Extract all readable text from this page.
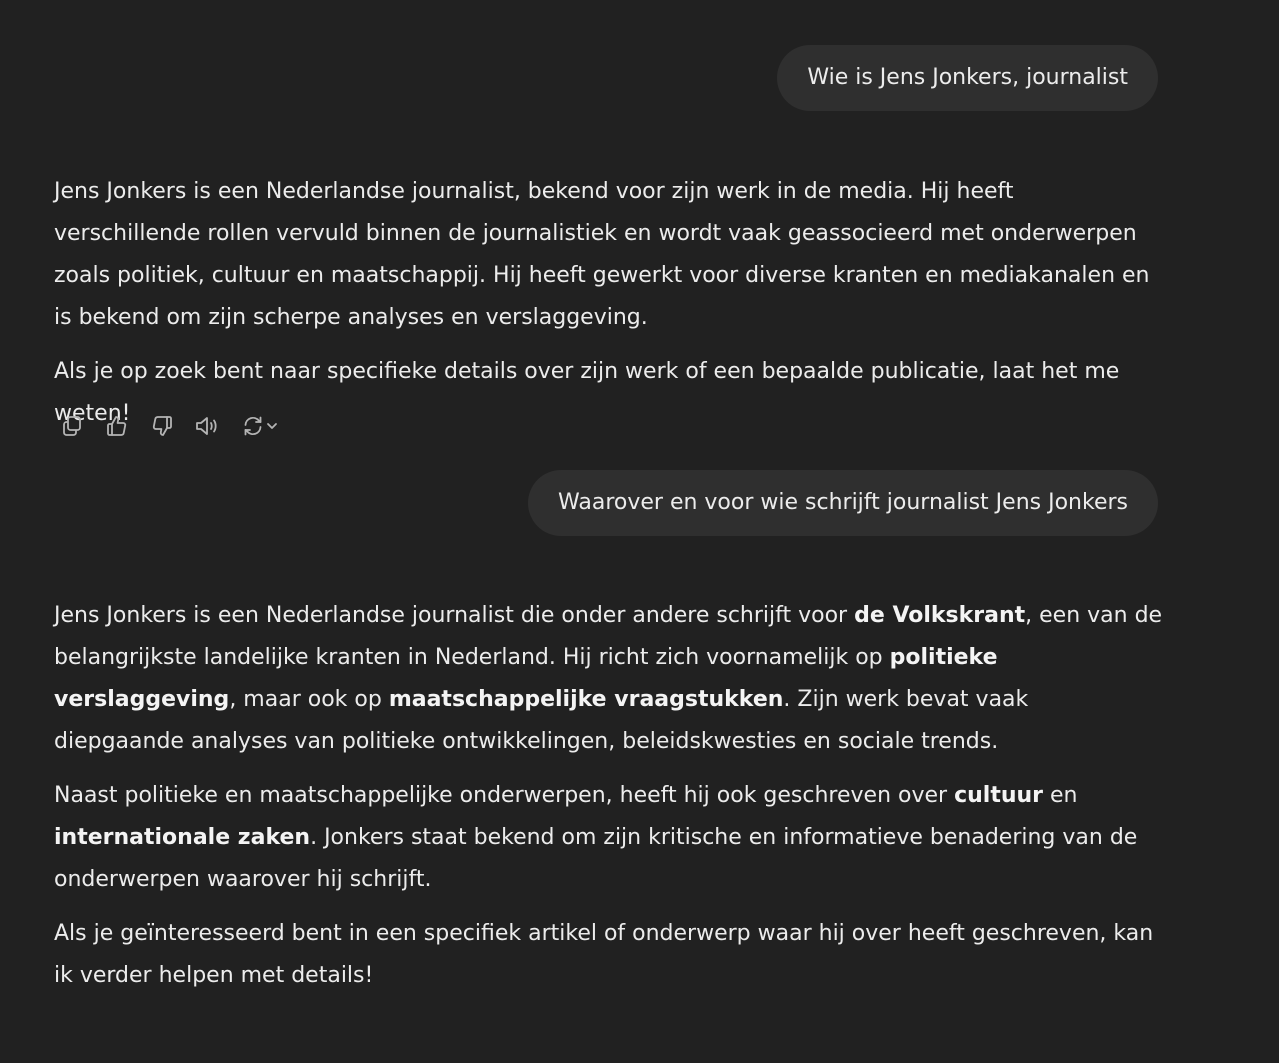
Wie is Jens Jonkers, journalist

Jens Jonkers is een Nederlandse journalist, bekend voor zijn werk in de media. Hij heeft verschillende rollen vervuld binnen de journalistiek en wordt vaak geassocieerd met onderwerpen zoals politiek, cultuur en maatschappij. Hij heeft gewerkt voor diverse kranten en mediakanalen en is bekend om zijn scherpe analyses en verslaggeving.

Als je op zoek bent naar specifieke details over zijn werk of een bepaalde publicatie, laat het me weten!

Waarover en voor wie schrijft journalist Jens Jonkers

Jens Jonkers is een Nederlandse journalist die onder andere schrijft voor de Volkskrant, een van de belangrijkste landelijke kranten in Nederland. Hij richt zich voornamelijk op politieke verslaggeving, maar ook op maatschappelijke vraagstukken. Zijn werk bevat vaak diepgaande analyses van politieke ontwikkelingen, beleidskwesties en sociale trends.

Naast politieke en maatschappelijke onderwerpen, heeft hij ook geschreven over cultuur en internationale zaken. Jonkers staat bekend om zijn kritische en informatieve benadering van de onderwerpen waarover hij schrijft.

Als je geïnteresseerd bent in een specifiek artikel of onderwerp waar hij over heeft geschreven, kan ik verder helpen met details!
